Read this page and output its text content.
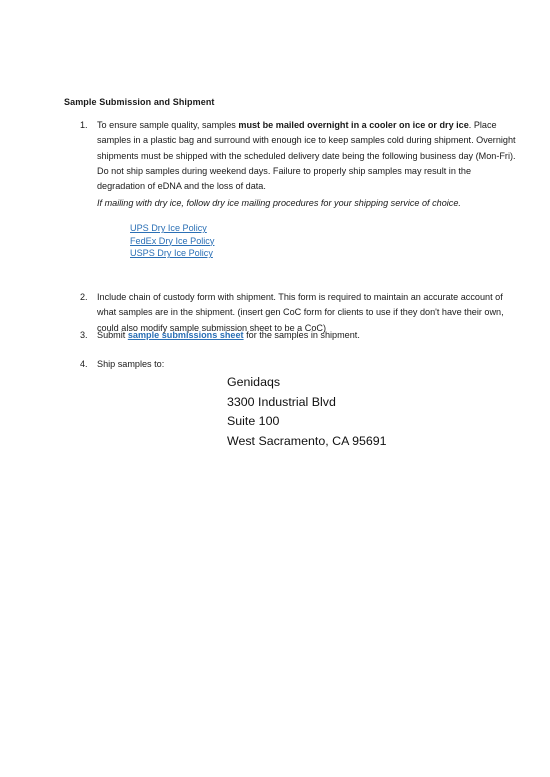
Sample Submission and Shipment
1.	To ensure sample quality, samples must be mailed overnight in a cooler on ice or dry ice. Place samples in a plastic bag and surround with enough ice to keep samples cold during shipment. Overnight shipments must be shipped with the scheduled delivery date being the following business day (Mon-Fri). Do not ship samples during weekend days. Failure to properly ship samples may result in the degradation of eDNA and the loss of data.
If mailing with dry ice, follow dry ice mailing procedures for your shipping service of choice.
UPS Dry Ice Policy
FedEx Dry Ice Policy
USPS Dry Ice Policy
2.	Include chain of custody form with shipment. This form is required to maintain an accurate account of what samples are in the shipment. (insert gen CoC form for clients to use if they don't have their own, could also modify sample submission sheet to be a CoC)
3.	Submit sample submissions sheet for the samples in shipment.
4.	Ship samples to:
Genidaqs
3300 Industrial Blvd
Suite 100
West Sacramento, CA 95691
